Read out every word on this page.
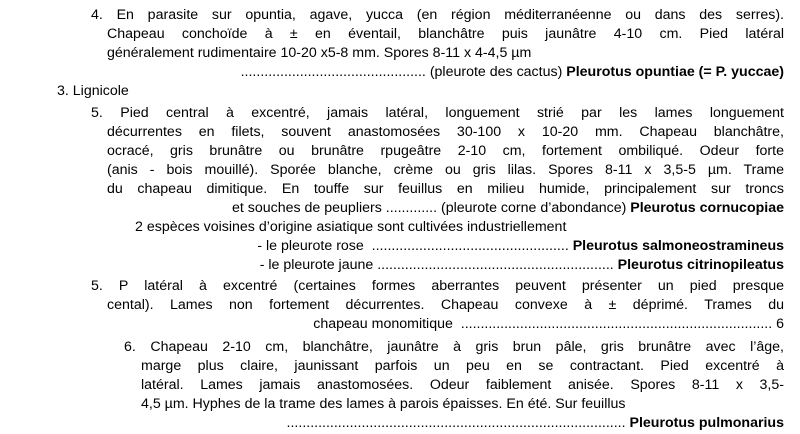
4. En parasite sur opuntia, agave, yucca (en région méditerranéenne ou dans des serres).
Chapeau conchoïde à ± en éventail, blanchâtre puis jaunâtre 4-10 cm. Pied latéral
généralement rudimentaire 10-20 x5-8 mm. Spores 8-11 x 4-4,5 µm
............................................... (pleurote des cactus) Pleurotus opuntiae (= P. yuccae)
3. Lignicole
5. Pied central à excentré, jamais latéral, longuement strié par les lames longuement
décurrentes en filets, souvent anastomosées 30-100 x 10-20 mm. Chapeau blanchâtre,
ocracé, gris brunâtre ou brunâtre rpugeâtre 2-10 cm, fortement ombiliqué. Odeur forte
(anis - bois mouillé). Sporée blanche, crème ou gris lilas. Spores 8-11 x 3,5-5 µm. Trame
du chapeau dimitique. En touffe sur feuillus en milieu humide, principalement sur troncs
et souches de peupliers ............. (pleurote corne d’abondance) Pleurotus cornucopiae
2 espèces voisines d’origine asiatique sont cultivées industriellement
- le pleurote rose  .................................................. Pleurotus salmoneostramineus
- le pleurote jaune ............................................................ Pleurotus citrinopileatus
5. P latéral à excentré (certaines formes aberrantes peuvent présenter un pied presque
cental). Lames non fortement décurrentes. Chapeau convexe à ± déprimé. Trames du
chapeau monomitique  ............................................................................... 6
6. Chapeau 2-10 cm, blanchâtre, jaunâtre à gris brun pâle, gris brunâtre avec l’âge,
marge plus claire, jaunissant parfois un peu en se contractant. Pied excentré à
latéral. Lames jamais anastomosées. Odeur faiblement anisée. Spores 8-11 x 3,5-
4,5 µm. Hyphes de la trame des lames à parois épaisses. En été. Sur feuillus
...................................................................................... Pleurotus pulmonarius
